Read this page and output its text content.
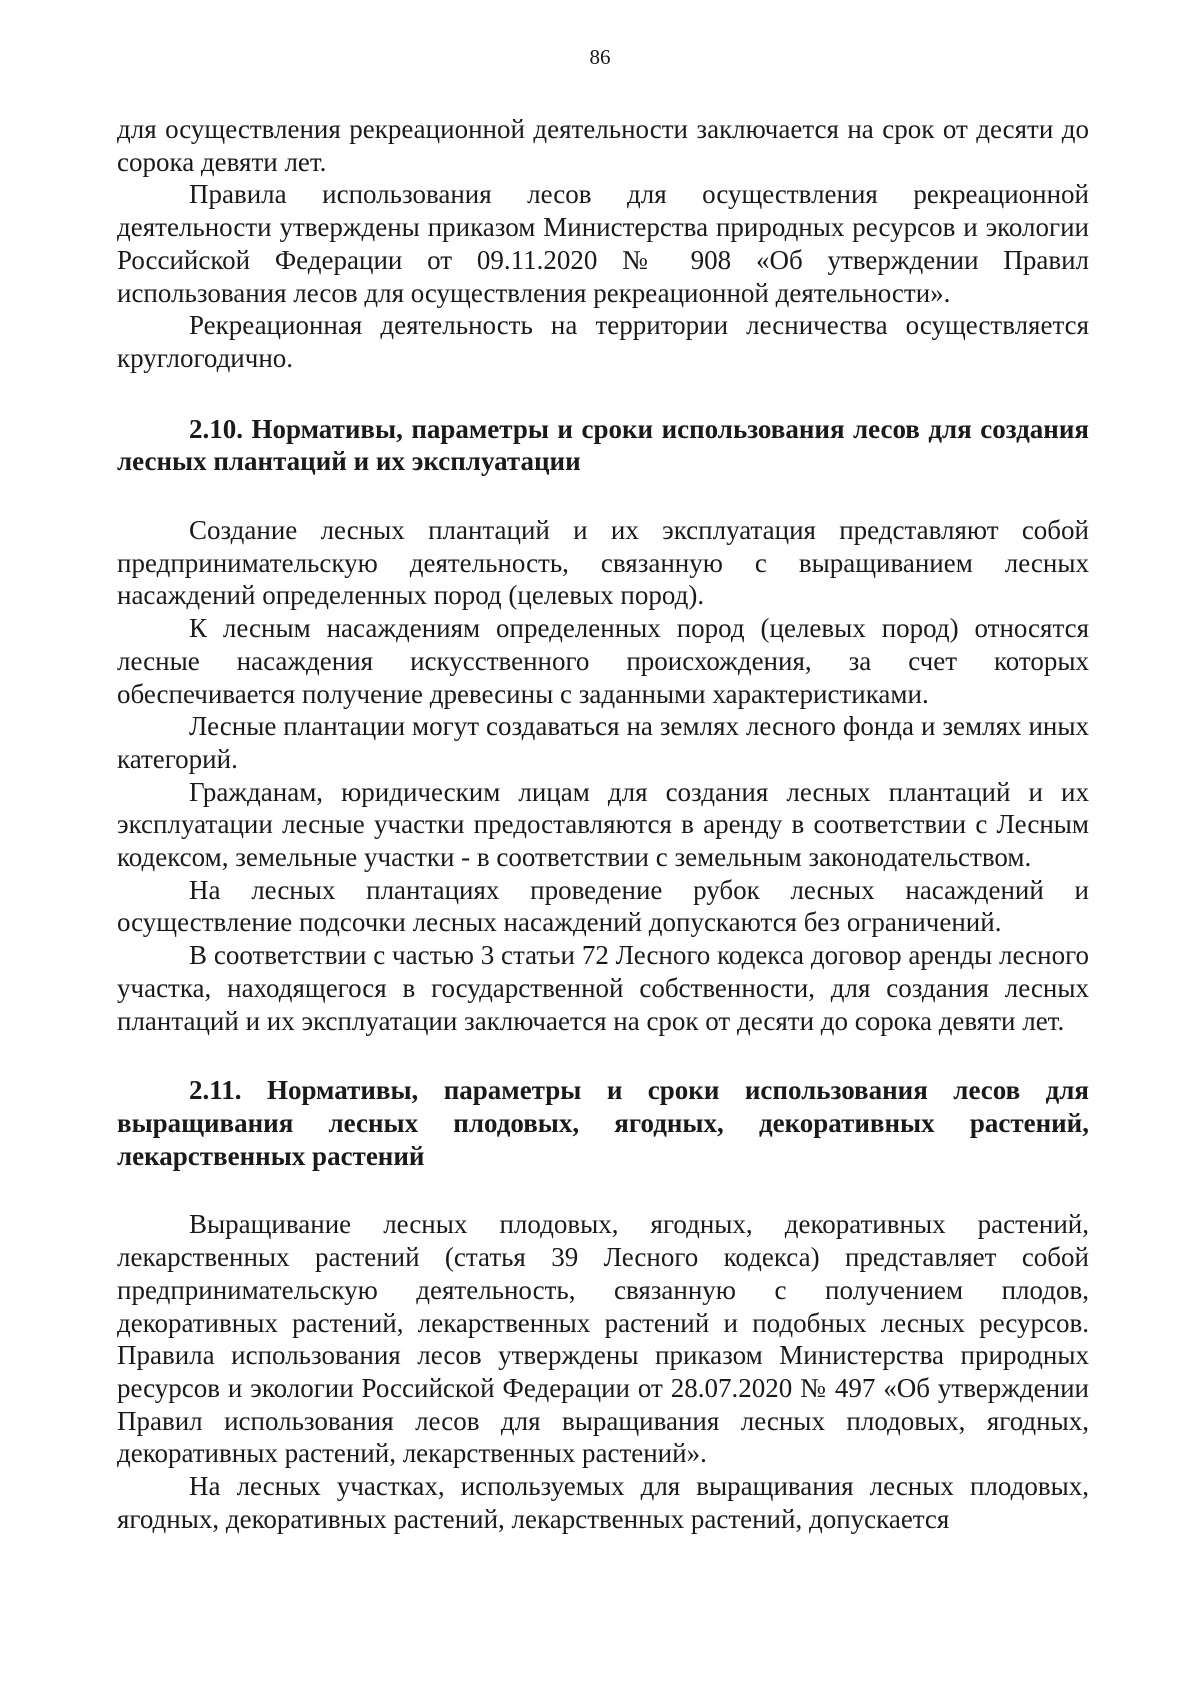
86

для осуществления рекреационной деятельности заключается на срок от десяти до сорока девяти лет.

Правила использования лесов для осуществления рекреационной деятельности утверждены приказом Министерства природных ресурсов и экологии Российской Федерации от 09.11.2020 № 908 «Об утверждении Правил использования лесов для осуществления рекреационной деятельности».

Рекреационная деятельность на территории лесничества осуществляется круглогодично.

2.10. Нормативы, параметры и сроки использования лесов для создания лесных плантаций и их эксплуатации

Создание лесных плантаций и их эксплуатация представляют собой предпринимательскую деятельность, связанную с выращиванием лесных насаждений определенных пород (целевых пород).

К лесным насаждениям определенных пород (целевых пород) относятся лесные насаждения искусственного происхождения, за счет которых обеспечивается получение древесины с заданными характеристиками.

Лесные плантации могут создаваться на землях лесного фонда и землях иных категорий.

Гражданам, юридическим лицам для создания лесных плантаций и их эксплуатации лесные участки предоставляются в аренду в соответствии с Лесным кодексом, земельные участки - в соответствии с земельным законодательством.

На лесных плантациях проведение рубок лесных насаждений и осуществление подсочки лесных насаждений допускаются без ограничений.

В соответствии с частью 3 статьи 72 Лесного кодекса договор аренды лесного участка, находящегося в государственной собственности, для создания лесных плантаций и их эксплуатации заключается на срок от десяти до сорока девяти лет.

2.11. Нормативы, параметры и сроки использования лесов для выращивания лесных плодовых, ягодных, декоративных растений, лекарственных растений

Выращивание лесных плодовых, ягодных, декоративных растений, лекарственных растений (статья 39 Лесного кодекса) представляет собой предпринимательскую деятельность, связанную с получением плодов, декоративных растений, лекарственных растений и подобных лесных ресурсов. Правила использования лесов утверждены приказом Министерства природных ресурсов и экологии Российской Федерации от 28.07.2020 № 497 «Об утверждении Правил использования лесов для выращивания лесных плодовых, ягодных, декоративных растений, лекарственных растений».

На лесных участках, используемых для выращивания лесных плодовых, ягодных, декоративных растений, лекарственных растений, допускается
